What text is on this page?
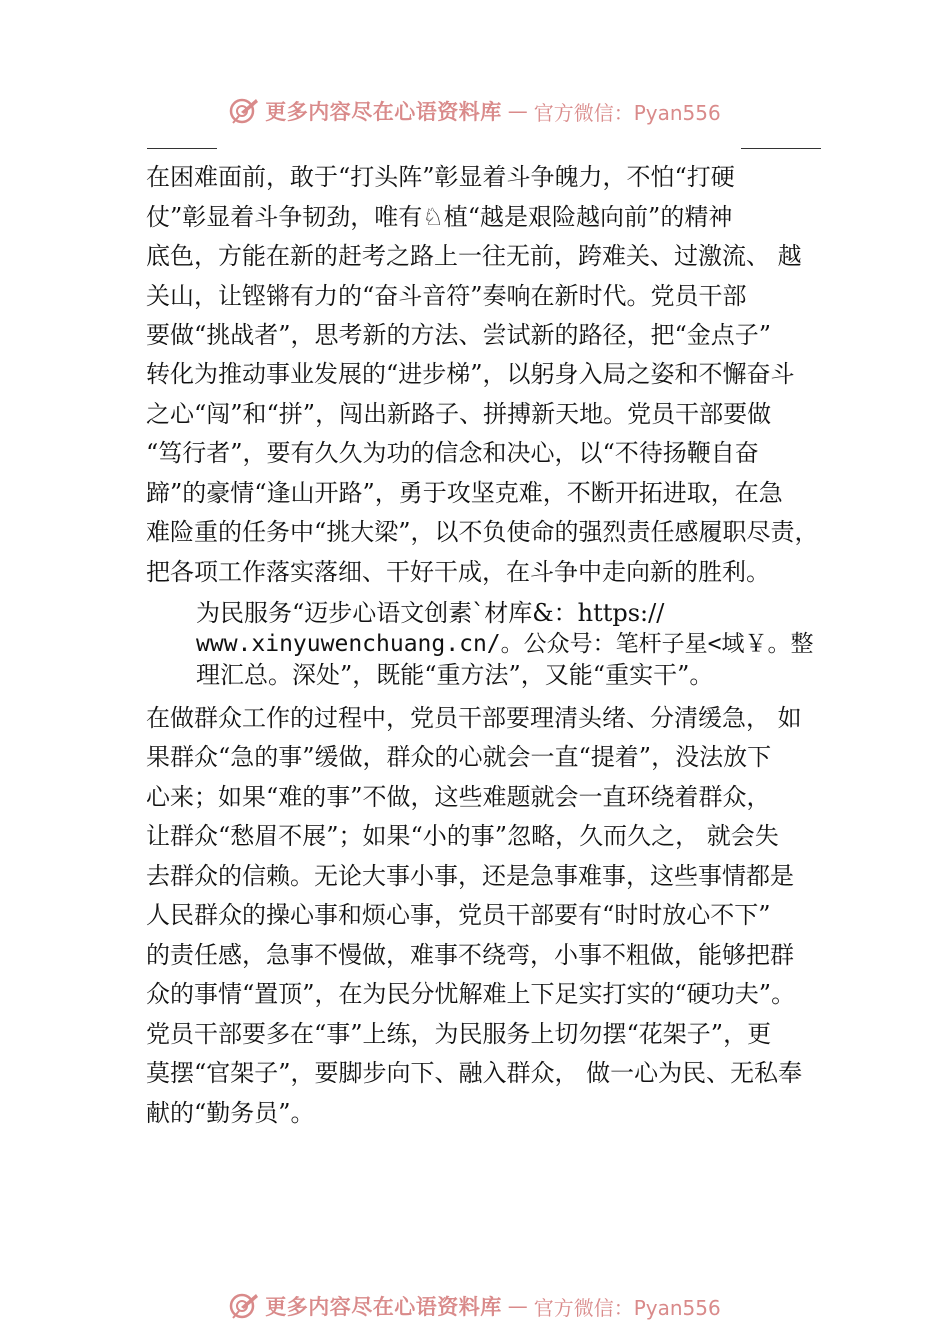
更多内容尽在心语资料库 — 官方微信：Pyan556
在困难面前，敢于“打头阵”彰显着斗争魄力，不怕“打硬
仗”彰显着斗争韧劲，唯有♘植“越是艰险越向前”的精神
底色，方能在新的赶考之路上一往无前，跨难关、过激流、 越
关山，让铿锵有力的“奋斗音符”奏响在新时代。党员干部
要做“挑战者”，思考新的方法、尝试新的路径，把“金点子”
转化为推动事业发展的“进步梯”，以躬身入局之姿和不懈奋斗
之心“闯”和“拼”，闯出新路子、拼搏新天地。党员干部要做
“笃行者”，要有久久为功的信念和决心，以“不待扬鞭自奋
蹄”的豪情“逢山开路”，勇于攻坚克难，不断开拓进取，在急
难险重的任务中“挑大梁”，以不负使命的强烈责任感履职尽责，
把各项工作落实落细、干好干成，在斗争中走向新的胜利。
为民服务“迈步心语文创素`材库&：https://
www.xinyuwenchuang.cn/。公众号：笔杆子星<域￥。整
理汇总。深处”，既能“重方法”，又能“重实干”。
在做群众工作的过程中，党员干部要理清头绪、分清缓急， 如
果群众“急的事”缓做，群众的心就会一直“提着”，没法放下
心来；如果“难的事”不做，这些难题就会一直环绕着群众，
让群众“愁眉不展”；如果“小的事”忽略，久而久之， 就会失
去群众的信赖。无论大事小事，还是急事难事，这些事情都是
人民群众的操心事和烦心事，党员干部要有“时时放心不下”
的责任感，急事不慢做，难事不绕弯，小事不粗做，能够把群
众的事情“置顶”，在为民分忧解难上下足实打实的“硬功夫”。
党员干部要多在“事”上练，为民服务上切勿摆“花架子”，更
莫摆“官架子”，要脚步向下、融入群众， 做一心为民、无私奉
献的“勤务员”。
更多内容尽在心语资料库 — 官方微信：Pyan556
